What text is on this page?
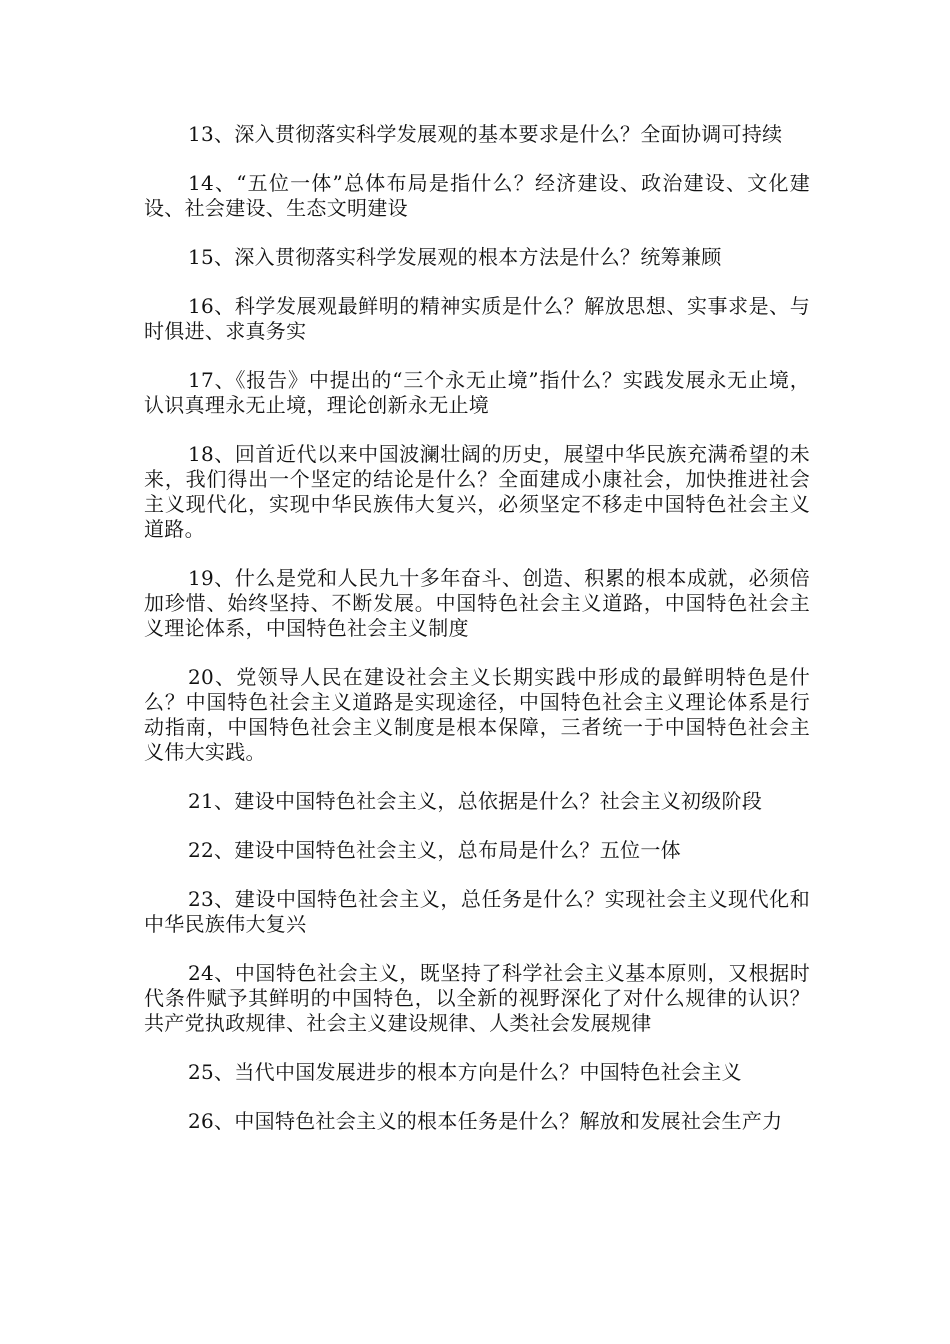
13、深入贯彻落实科学发展观的基本要求是什么？全面协调可持续

14、“五位一体”总体布局是指什么？经济建设、政治建设、文化建设、社会建设、生态文明建设

15、深入贯彻落实科学发展观的根本方法是什么？统筹兼顾

16、科学发展观最鲜明的精神实质是什么？解放思想、实事求是、与时俱进、求真务实

17、《报告》中提出的“三个永无止境”指什么？实践发展永无止境，认识真理永无止境，理论创新永无止境

18、回首近代以来中国波澜壮阔的历史，展望中华民族充满希望的未来，我们得出一个坚定的结论是什么？全面建成小康社会，加快推进社会主义现代化，实现中华民族伟大复兴，必须坚定不移走中国特色社会主义道路。

19、什么是党和人民九十多年奋斗、创造、积累的根本成就，必须倍加珍惜、始终坚持、不断发展。中国特色社会主义道路，中国特色社会主义理论体系，中国特色社会主义制度

20、党领导人民在建设社会主义长期实践中形成的最鲜明特色是什么？中国特色社会主义道路是实现途径，中国特色社会主义理论体系是行动指南，中国特色社会主义制度是根本保障，三者统一于中国特色社会主义伟大实践。

21、建设中国特色社会主义，总依据是什么？社会主义初级阶段

22、建设中国特色社会主义，总布局是什么？五位一体

23、建设中国特色社会主义，总任务是什么？实现社会主义现代化和中华民族伟大复兴

24、中国特色社会主义，既坚持了科学社会主义基本原则，又根据时代条件赋予其鲜明的中国特色，以全新的视野深化了对什么规律的认识？共产党执政规律、社会主义建设规律、人类社会发展规律

25、当代中国发展进步的根本方向是什么？中国特色社会主义

26、中国特色社会主义的根本任务是什么？解放和发展社会生产力
